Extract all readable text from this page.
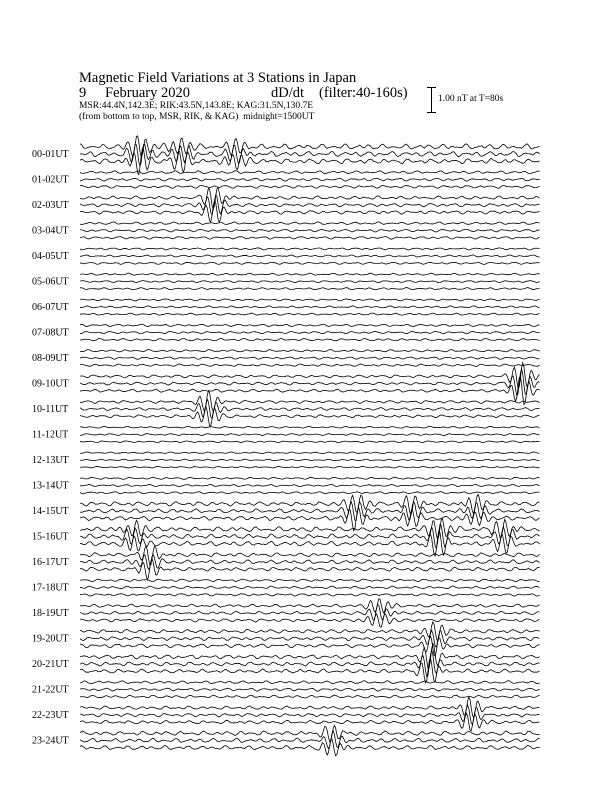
Magnetic Field Variations at 3 Stations in Japan
9 February 2020	dD/dt (filter:40-160s)
MSR:44.4N,142.3E; RIK:43.5N,143.8E; KAG:31.5N,130.7E
(from bottom to top, MSR, RIK, & KAG) midnight=1500UT
1.00 nT at T=80s
00-01UT
01-02UT
02-03UT
03-04UT
04-05UT
05-06UT
06-07UT
07-08UT
08-09UT
09-10UT
10-11UT
11-12UT
12-13UT
13-14UT
14-15UT
15-16UT
16-17UT
17-18UT
18-19UT
19-20UT
20-21UT
21-22UT
22-23UT
23-24UT
